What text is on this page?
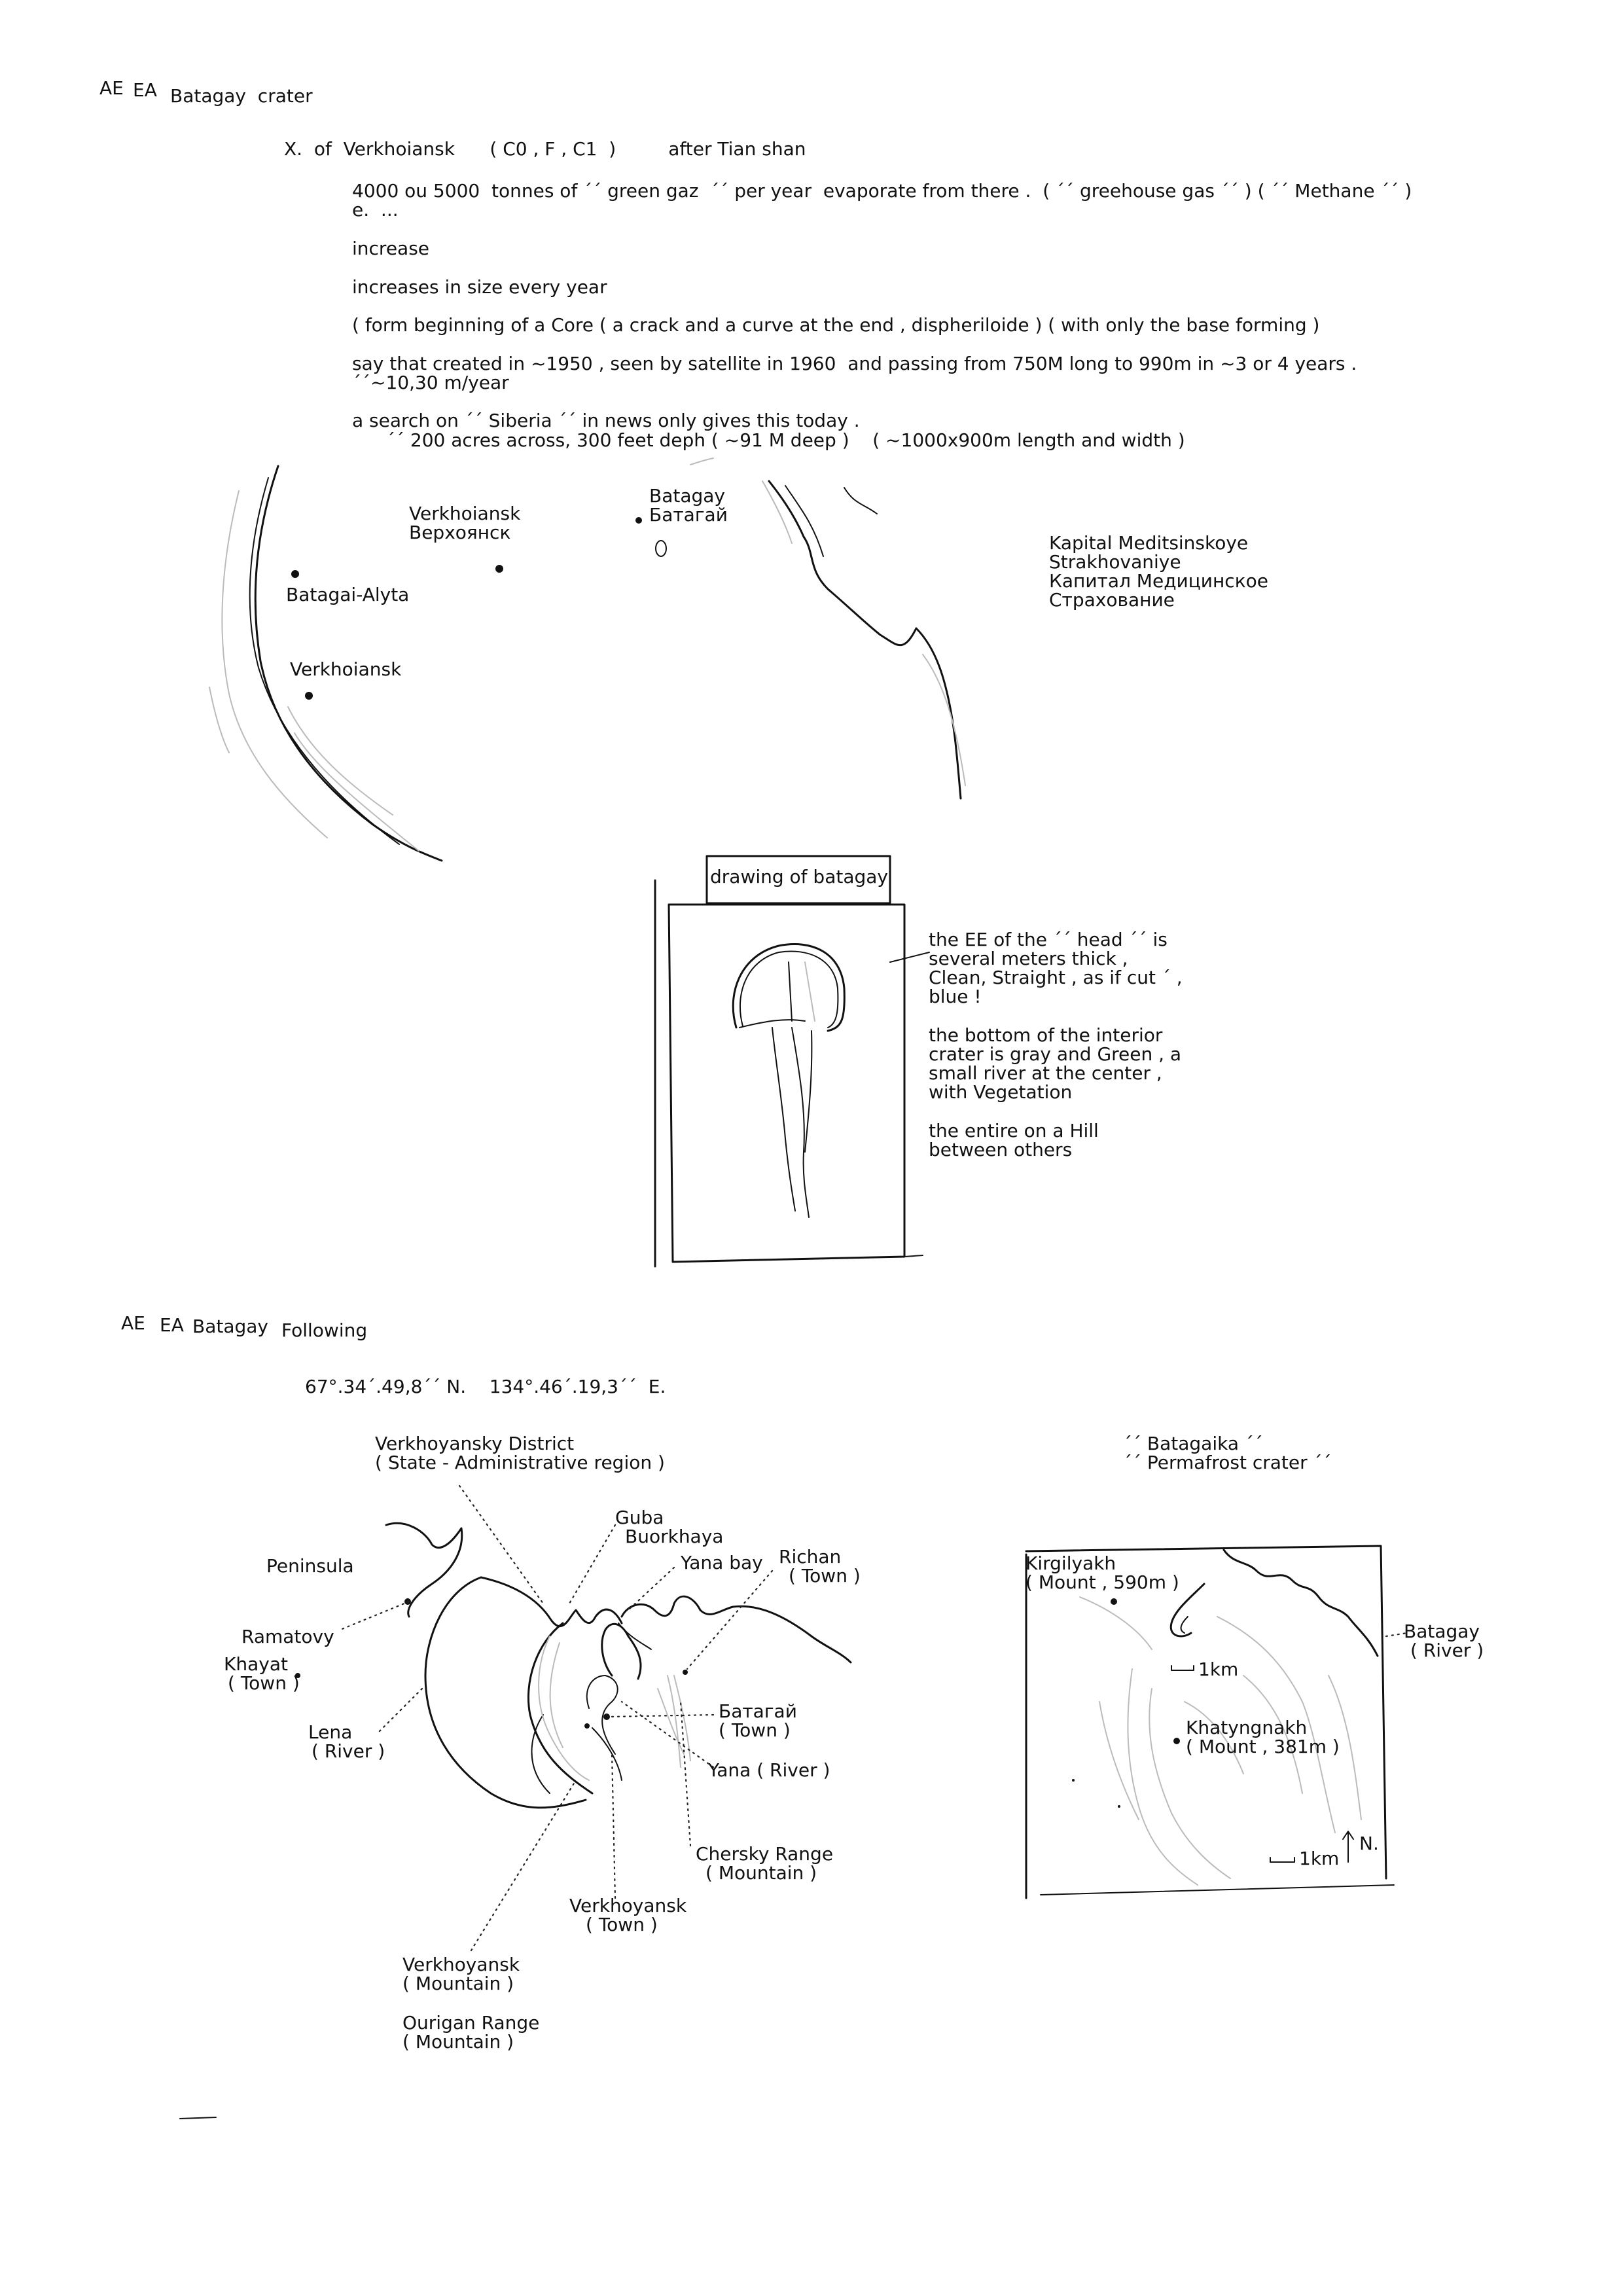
AE EA Batagay  crater
X.  of  Verkhoiansk      ( C0 , F , C1  )         after Tian shan
4000 ou 5000  tonnes of ´´ green gaz  ´´ per year  evaporate from there .  ( ´´ greehouse gas ´´ ) ( ´´ Methane ´´ )
e.  ...
increase
increases in size every year
( form beginning of a Core ( a crack and a curve at the end , dispheriloide ) ( with only the base forming )
say that created in ~1950 , seen by satellite in 1960  and passing from 750M long to 990m in ~3 or 4 years .
´´~10,30 m/year
a search on ´´ Siberia ´´ in news only gives this today .
´´ 200 acres across, 300 feet deph ( ~91 M deep )    ( ~1000x900m length and width )
Verkhoiansk
Верхоянск
Batagay
Батагай
Batagai-Alyta
Verkhoiansk
Kapital Meditsinskoye
Strakhovaniye
Капитал Медицинское
Страхование
drawing of batagay
the EE of the ´´ head ´´ is
several meters thick ,
Clean, Straight , as if cut ´ ,
blue !
the bottom of the interior
crater is gray and Green , a
small river at the center ,
with Vegetation
the entire on a Hill
between others
AE EA Batagay Following
67°.34´.49,8´´ N.    134°.46´.19,3´´  E.
Verkhoyansky District
( State - Administrative region )
Peninsula
Ramatovy
Khayat
( Town )
Lena
( River )
Guba
Buorkhaya
Yana bay Richan
( Town )
Батагай
( Town )
Yana ( River )
Chersky Range
( Mountain )
Verkhoyansk
( Town )
Verkhoyansk
( Mountain )
Ourigan Range
( Mountain )
´´ Batagaika ´´
´´ Permafrost crater ´´
Kirgilyakh
( Mount , 590m )
Batagay
( River )
1km
Khatyngnakh
( Mount , 381m )
1km
N.
